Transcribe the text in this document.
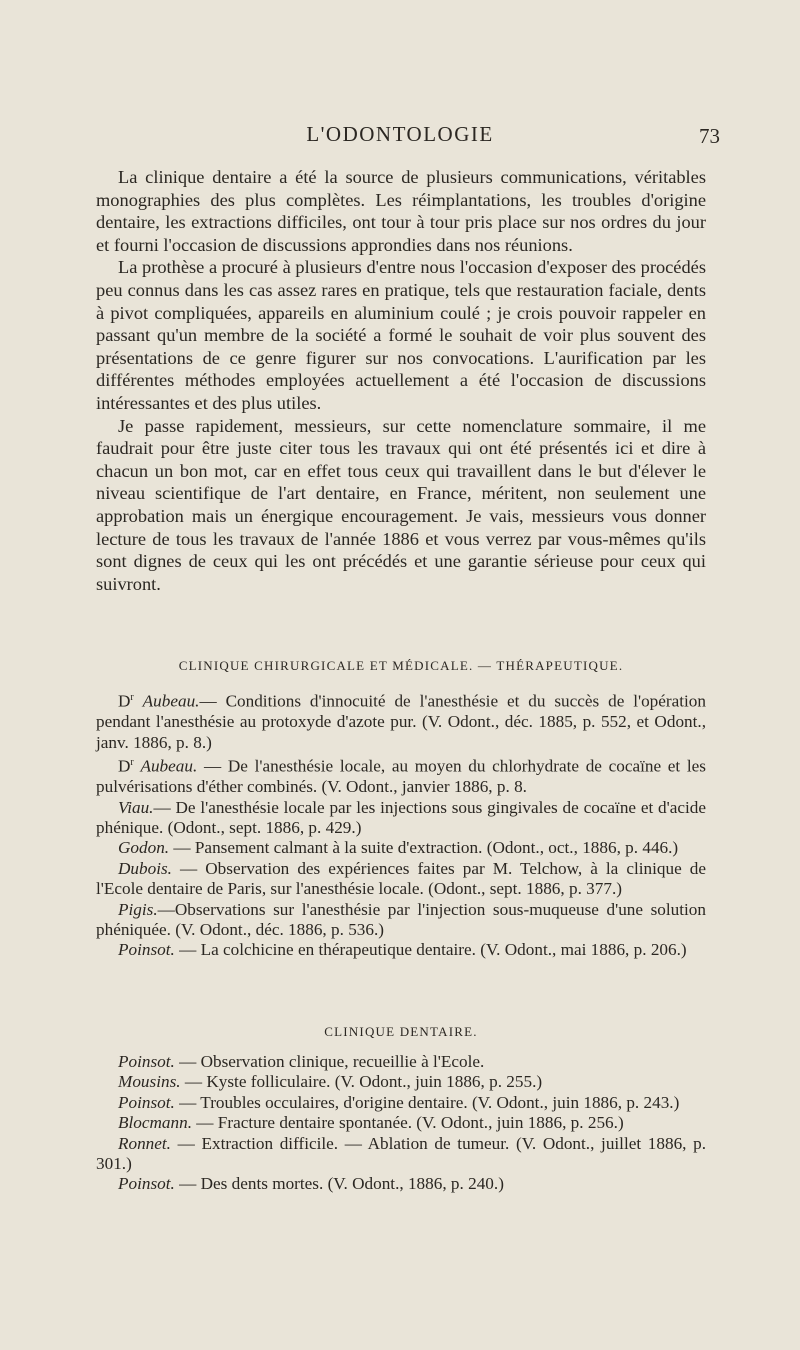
L'ODONTOLOGIE	73

La clinique dentaire a été la source de plusieurs communications, véritables monographies des plus complètes. Les réimplantations, les troubles d'origine dentaire, les extractions difficiles, ont tour à tour pris place sur nos ordres du jour et fourni l'occasion de discussions approndies dans nos réunions.

La prothèse a procuré à plusieurs d'entre nous l'occasion d'exposer des procédés peu connus dans les cas assez rares en pratique, tels que restauration faciale, dents à pivot compliquées, appareils en aluminium coulé ; je crois pouvoir rappeler en passant qu'un membre de la société a formé le souhait de voir plus souvent des présentations de ce genre figurer sur nos convocations. L'aurification par les différentes méthodes employées actuellement a été l'occasion de discussions intéressantes et des plus utiles.

Je passe rapidement, messieurs, sur cette nomenclature sommaire, il me faudrait pour être juste citer tous les travaux qui ont été présentés ici et dire à chacun un bon mot, car en effet tous ceux qui travaillent dans le but d'élever le niveau scientifique de l'art dentaire, en France, méritent, non seulement une approbation mais un énergique encouragement. Je vais, messieurs vous donner lecture de tous les travaux de l'année 1886 et vous verrez par vous-mêmes qu'ils sont dignes de ceux qui les ont précédés et une garantie sérieuse pour ceux qui suivront.

CLINIQUE CHIRURGICALE ET MÉDICALE. — THÉRAPEUTIQUE.

$D^r$ Aubeau.— Conditions d'innocuité de l'anesthésie et du succès de l'opération pendant l'anesthésie au protoxyde d'azote pur. (V. Odont., déc. 1885, p. 552, et Odont., janv. 1886, p. 8.)

$D^r$ Aubeau. — De l'anesthésie locale, au moyen du chlorhydrate de cocaïne et les pulvérisations d'éther combinés. (V. Odont., janvier 1886, p. 8.

Viau.— De l'anesthésie locale par les injections sous gingivales de cocaïne et d'acide phénique. (Odont., sept. 1886, p. 429.)

Godon. — Pansement calmant à la suite d'extraction. (Odont., oct., 1886, p. 446.)

Dubois. — Observation des expériences faites par M. Telchow, à la clinique de l'Ecole dentaire de Paris, sur l'anesthésie locale. (Odont., sept. 1886, p. 377.)

Pigis.—Observations sur l'anesthésie par l'injection sous-muqueuse d'une solution phéniquée. (V. Odont., déc. 1886, p. 536.)

Poinsot. — La colchicine en thérapeutique dentaire. (V. Odont., mai 1886, p. 206.)

CLINIQUE DENTAIRE.

Poinsot. — Observation clinique, recueillie à l'Ecole.

Mousins. — Kyste folliculaire. (V. Odont., juin 1886, p. 255.)

Poinsot. — Troubles occulaires, d'origine dentaire. (V. Odont., juin 1886, p. 243.)

Blocmann. — Fracture dentaire spontanée. (V. Odont., juin 1886, p. 256.)

Ronnet. — Extraction difficile. — Ablation de tumeur. (V. Odont., juillet 1886, p. 301.)

Poinsot. — Des dents mortes. (V. Odont., 1886, p. 240.)
